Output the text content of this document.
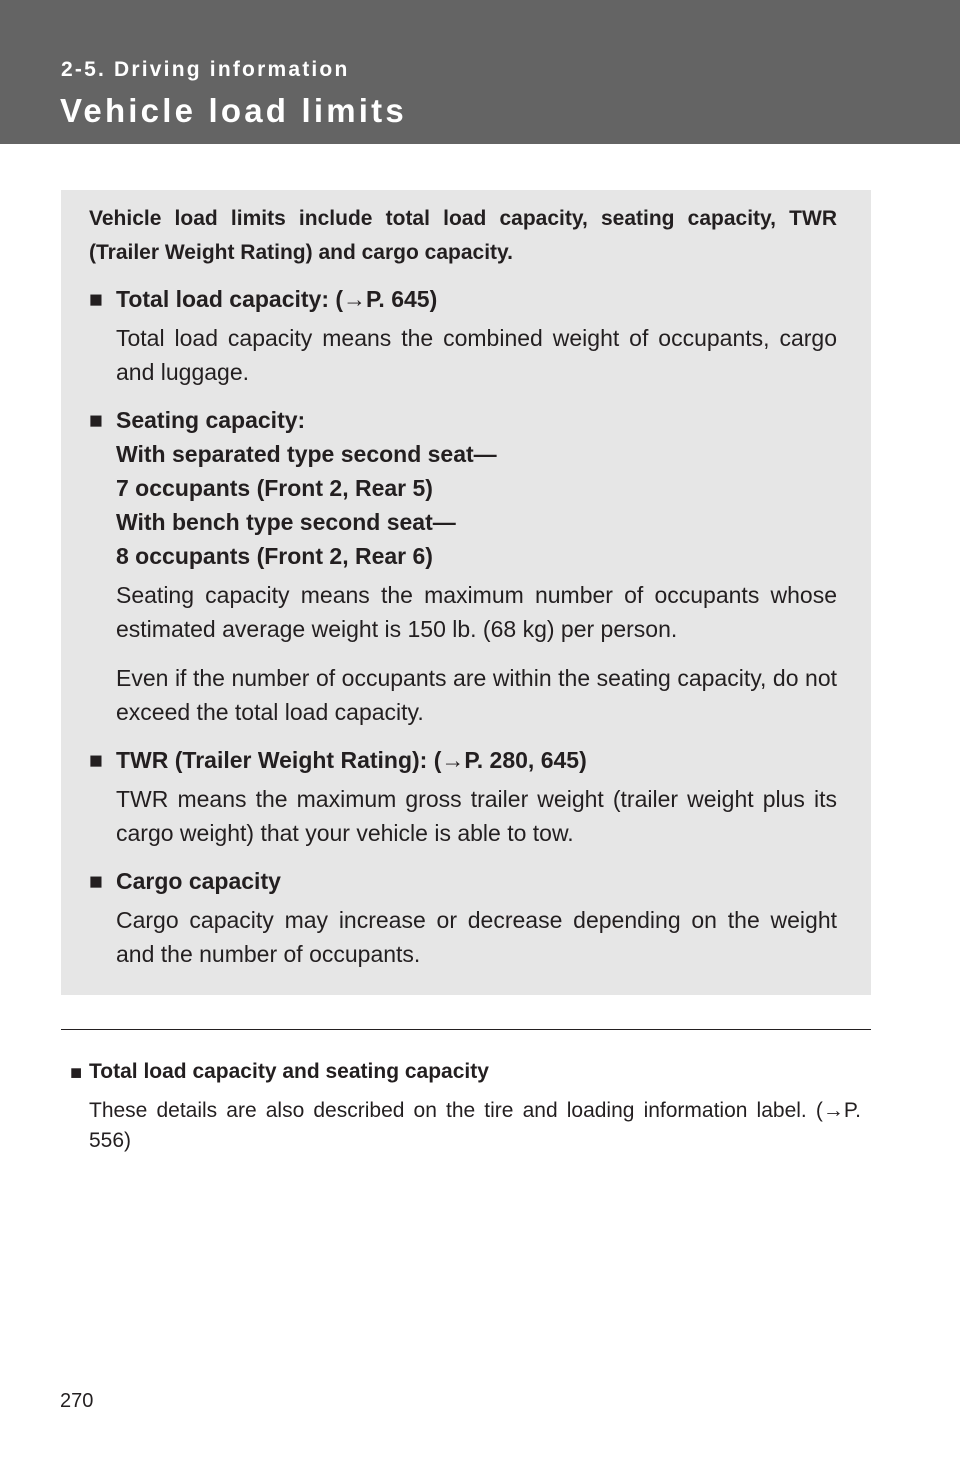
2-5. Driving information
Vehicle load limits
Vehicle load limits include total load capacity, seating capacity, TWR (Trailer Weight Rating) and cargo capacity.
■ Total load capacity: (→P. 645)
Total load capacity means the combined weight of occupants, cargo and luggage.
■ Seating capacity:
With separated type second seat—
7 occupants (Front 2, Rear 5)
With bench type second seat—
8 occupants (Front 2, Rear 6)
Seating capacity means the maximum number of occupants whose estimated average weight is 150 lb. (68 kg) per person.
Even if the number of occupants are within the seating capacity, do not exceed the total load capacity.
■ TWR (Trailer Weight Rating): (→P. 280, 645)
TWR means the maximum gross trailer weight (trailer weight plus its cargo weight) that your vehicle is able to tow.
■ Cargo capacity
Cargo capacity may increase or decrease depending on the weight and the number of occupants.
■ Total load capacity and seating capacity
These details are also described on the tire and loading information label. (→P. 556)
270
